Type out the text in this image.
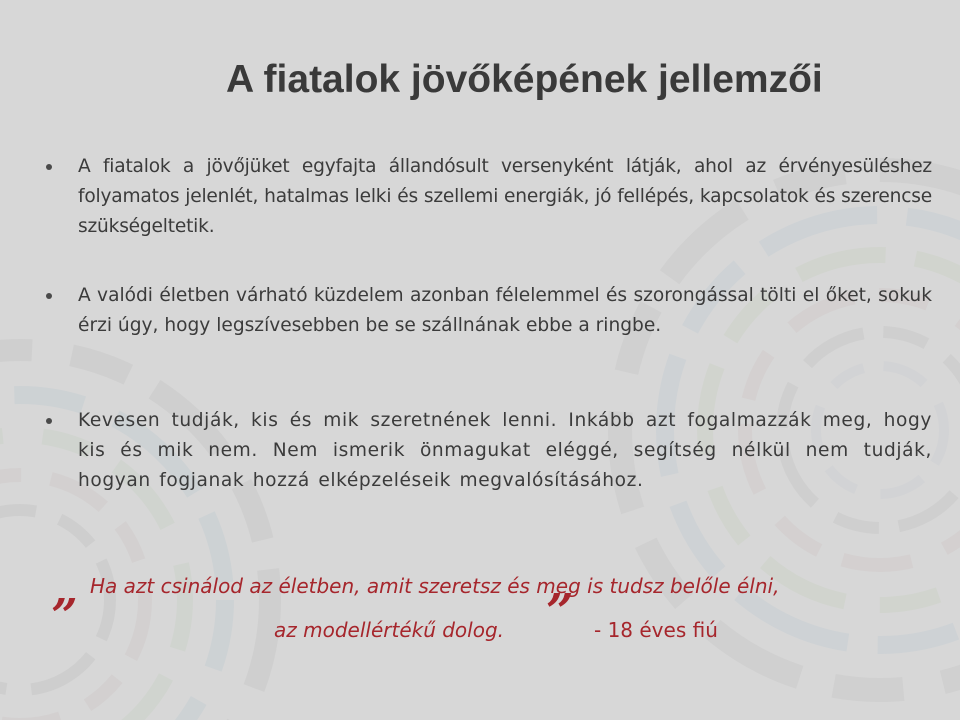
A fiatalok jövőképének jellemzői
A fiatalok a jövőjüket egyfajta állandósult versenyként látják, ahol az érvényesüléshez folyamatos jelenlét, hatalmas lelki és szellemi energiák, jó fellépés, kapcsolatok és szerencse szükségeltetik.
A valódi életben várható küzdelem azonban félelemmel és szorongással tölti el őket, sokuk érzi úgy, hogy legszívesebben be se szállnának ebbe a ringbe.
Kevesen tudják, kis és mik szeretnének lenni. Inkább azt fogalmazzák meg, hogy kis és mik nem. Nem ismerik önmagukat eléggé, segítség nélkül nem tudják, hogyan fogjanak hozzá elképzeléseik megvalósításához.
„ Ha azt csinálod az életben, amit szeretsz és meg is tudsz belőle élni,
az modellértékű dolog. ” - 18 éves fiú
